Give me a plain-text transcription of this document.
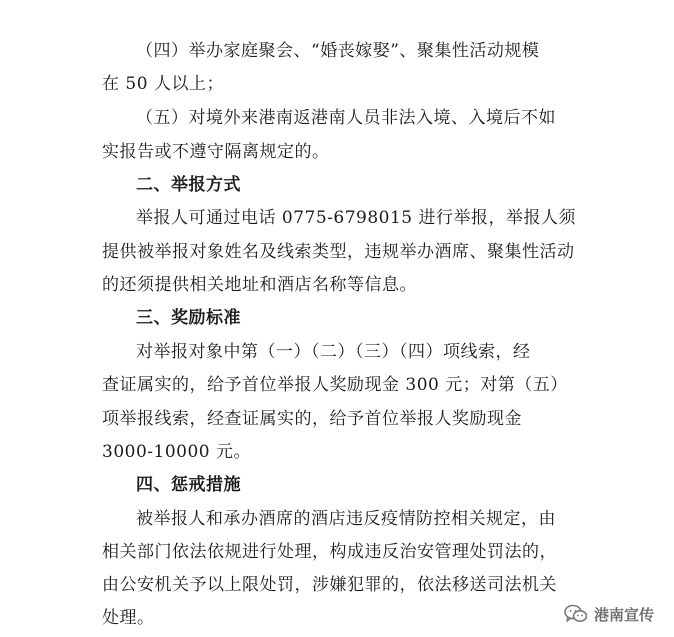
（四）举办家庭聚会、“婚丧嫁娶”、聚集性活动规模
在 50 人以上；
（五）对境外来港南返港南人员非法入境、入境后不如
实报告或不遵守隔离规定的。
二、举报方式
举报人可通过电话 0775-6798015 进行举报，举报人须
提供被举报对象姓名及线索类型，违规举办酒席、聚集性活动
的还须提供相关地址和酒店名称等信息。
三、奖励标准
对举报对象中第（一）（二）（三）（四）项线索，经
查证属实的，给予首位举报人奖励现金 300 元；对第（五）
项举报线索，经查证属实的，给予首位举报人奖励现金
3000-10000 元。
四、惩戒措施
被举报人和承办酒席的酒店违反疫情防控相关规定，由
相关部门依法依规进行处理，构成违反治安管理处罚法的，
由公安机关予以上限处罚，涉嫌犯罪的，依法移送司法机关
处理。	港南宣传
